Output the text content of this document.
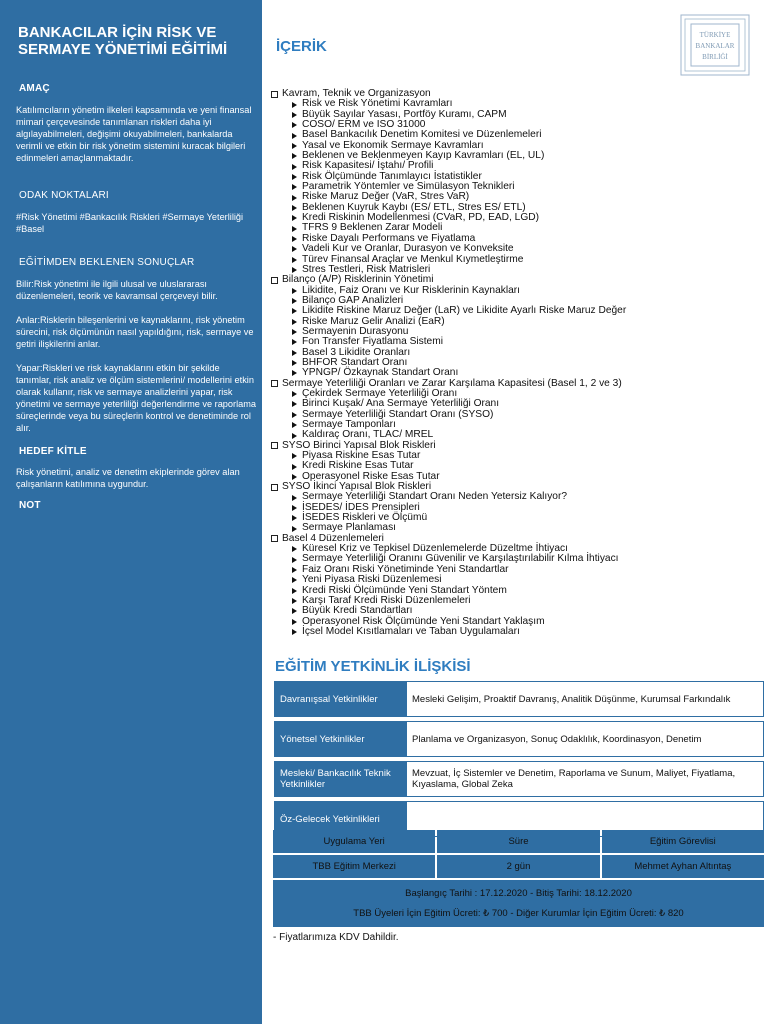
BANKACILAR İÇİN RİSK VE SERMAYE YÖNETİMİ EĞİTİMİ
AMAÇ
Katılımcıların yönetim ilkeleri kapsamında ve yeni finansal mimari çerçevesinde tanımlanan riskleri daha iyi algılayabilmeleri, değişimi okuyabilmeleri, bankalarda verimli ve etkin bir risk yönetim sistemini kuracak bilgileri edinmeleri amaçlanmaktadır.
ODAK NOKTALARI
#Risk Yönetimi #Bankacılık Riskleri #Sermaye Yeterliliği #Basel
EĞİTİMDEN BEKLENEN SONUÇLAR
Bilir:Risk yönetimi ile ilgili ulusal ve uluslararası düzenlemeleri, teorik ve kavramsal çerçeveyi bilir.
Anlar:Risklerin bileşenlerini ve kaynaklarını, risk yönetim sürecini, risk ölçümünün nasıl yapıldığını, risk, sermaye ve getiri ilişkilerini anlar.
Yapar:Riskleri ve risk kaynaklarını etkin bir şekilde tanımlar, risk analiz ve ölçüm sistemlerini/ modellerini etkin olarak kullanır, risk ve sermaye analizlerini yapar, risk yönetimi ve sermaye yeterliliği değerlendirme ve raporlama süreçlerinde veya bu süreçlerin kontrol ve denetiminde rol alır.
HEDEF KİTLE
Risk yönetimi, analiz ve denetim ekiplerinde görev alan çalışanların katılımına uygundur.
NOT
İÇERİK
TÜRKİYE
BANKALAR
BİRLİĞİ
Kavram, Teknik ve Organizasyon
Risk ve Risk Yönetimi Kavramları
Büyük Sayılar Yasası, Portföy Kuramı, CAPM
COSO/ ERM ve ISO 31000
Basel Bankacılık Denetim Komitesi ve Düzenlemeleri
Yasal ve Ekonomik Sermaye Kavramları
Beklenen ve Beklenmeyen Kayıp Kavramları (EL, UL)
Risk Kapasitesi/ İştahı/ Profili
Risk Ölçümünde Tanımlayıcı İstatistikler
Parametrik Yöntemler ve Simülasyon Teknikleri
Riske Maruz Değer (VaR, Stres VaR)
Beklenen Kuyruk Kaybı (ES/ ETL, Stres ES/ ETL)
Kredi Riskinin Modellenmesi (CVaR, PD, EAD, LGD)
TFRS 9 Beklenen Zarar Modeli
Riske Dayalı Performans ve Fiyatlama
Vadeli Kur ve Oranlar, Durasyon ve Konveksite
Türev Finansal Araçlar ve Menkul Kıymetleştirme
Stres Testleri, Risk Matrisleri
Bilanço (A/P) Risklerinin Yönetimi
Likidite, Faiz Oranı ve Kur Risklerinin Kaynakları
Bilanço GAP Analizleri
Likidite Riskine Maruz Değer (LaR) ve Likidite Ayarlı Riske Maruz Değer
Riske Maruz Gelir Analizi (EaR)
Sermayenin Durasyonu
Fon Transfer Fiyatlama Sistemi
Basel 3 Likidite Oranları
BHFOR Standart Oranı
YPNGP/ Özkaynak Standart Oranı
Sermaye Yeterliliği Oranları ve Zarar Karşılama Kapasitesi (Basel 1, 2 ve 3)
Çekirdek Sermaye Yeterliliği Oranı
Birinci Kuşak/ Ana Sermaye Yeterliliği Oranı
Sermaye Yeterliliği Standart Oranı (SYSO)
Sermaye Tamponları
Kaldıraç Oranı, TLAC/ MREL
SYSO Birinci Yapısal Blok Riskleri
Piyasa Riskine Esas Tutar
Kredi Riskine Esas Tutar
Operasyonel Riske Esas Tutar
SYSO İkinci Yapısal Blok Riskleri
Sermaye Yeterliliği Standart Oranı Neden Yetersiz Kalıyor?
İSEDES/ İDES Prensipleri
İSEDES Riskleri ve Ölçümü
Sermaye Planlaması
Basel 4 Düzenlemeleri
Küresel Kriz ve Tepkisel Düzenlemelerde Düzeltme İhtiyacı
Sermaye Yeterliliği Oranını Güvenilir ve Karşılaştırılabilir Kılma İhtiyacı
Faiz Oranı Riski Yönetiminde Yeni Standartlar
Yeni Piyasa Riski Düzenlemesi
Kredi Riski Ölçümünde Yeni Standart Yöntem
Karşı Taraf Kredi Riski Düzenlemeleri
Büyük Kredi Standartları
Operasyonel Risk Ölçümünde Yeni Standart Yaklaşım
İçsel Model Kısıtlamaları ve Taban Uygulamaları
EĞİTİM YETKİNLİK İLİŞKİSİ
Davranışsal Yetkinlikler	Mesleki Gelişim, Proaktif Davranış, Analitik Düşünme, Kurumsal Farkındalık
Yönetsel Yetkinlikler	Planlama ve Organizasyon, Sonuç Odaklılık, Koordinasyon, Denetim
Mesleki/ Bankacılık Teknik Yetkinlikler	Mevzuat, İç Sistemler ve Denetim, Raporlama ve Sunum, Maliyet, Fiyatlama, Kıyaslama, Global Zeka
Öz-Gelecek Yetkinlikleri	
Uygulama Yeri	Süre	Eğitim Görevlisi
TBB Eğitim Merkezi	2 gün	Mehmet Ayhan Altıntaş
Başlangıç Tarihi : 17.12.2020 - Bitiş Tarihi: 18.12.2020
TBB Üyeleri İçin Eğitim Ücreti: ₺ 700 - Diğer Kurumlar İçin Eğitim Ücreti: ₺ 820
- Fiyatlarımıza KDV Dahildir.
